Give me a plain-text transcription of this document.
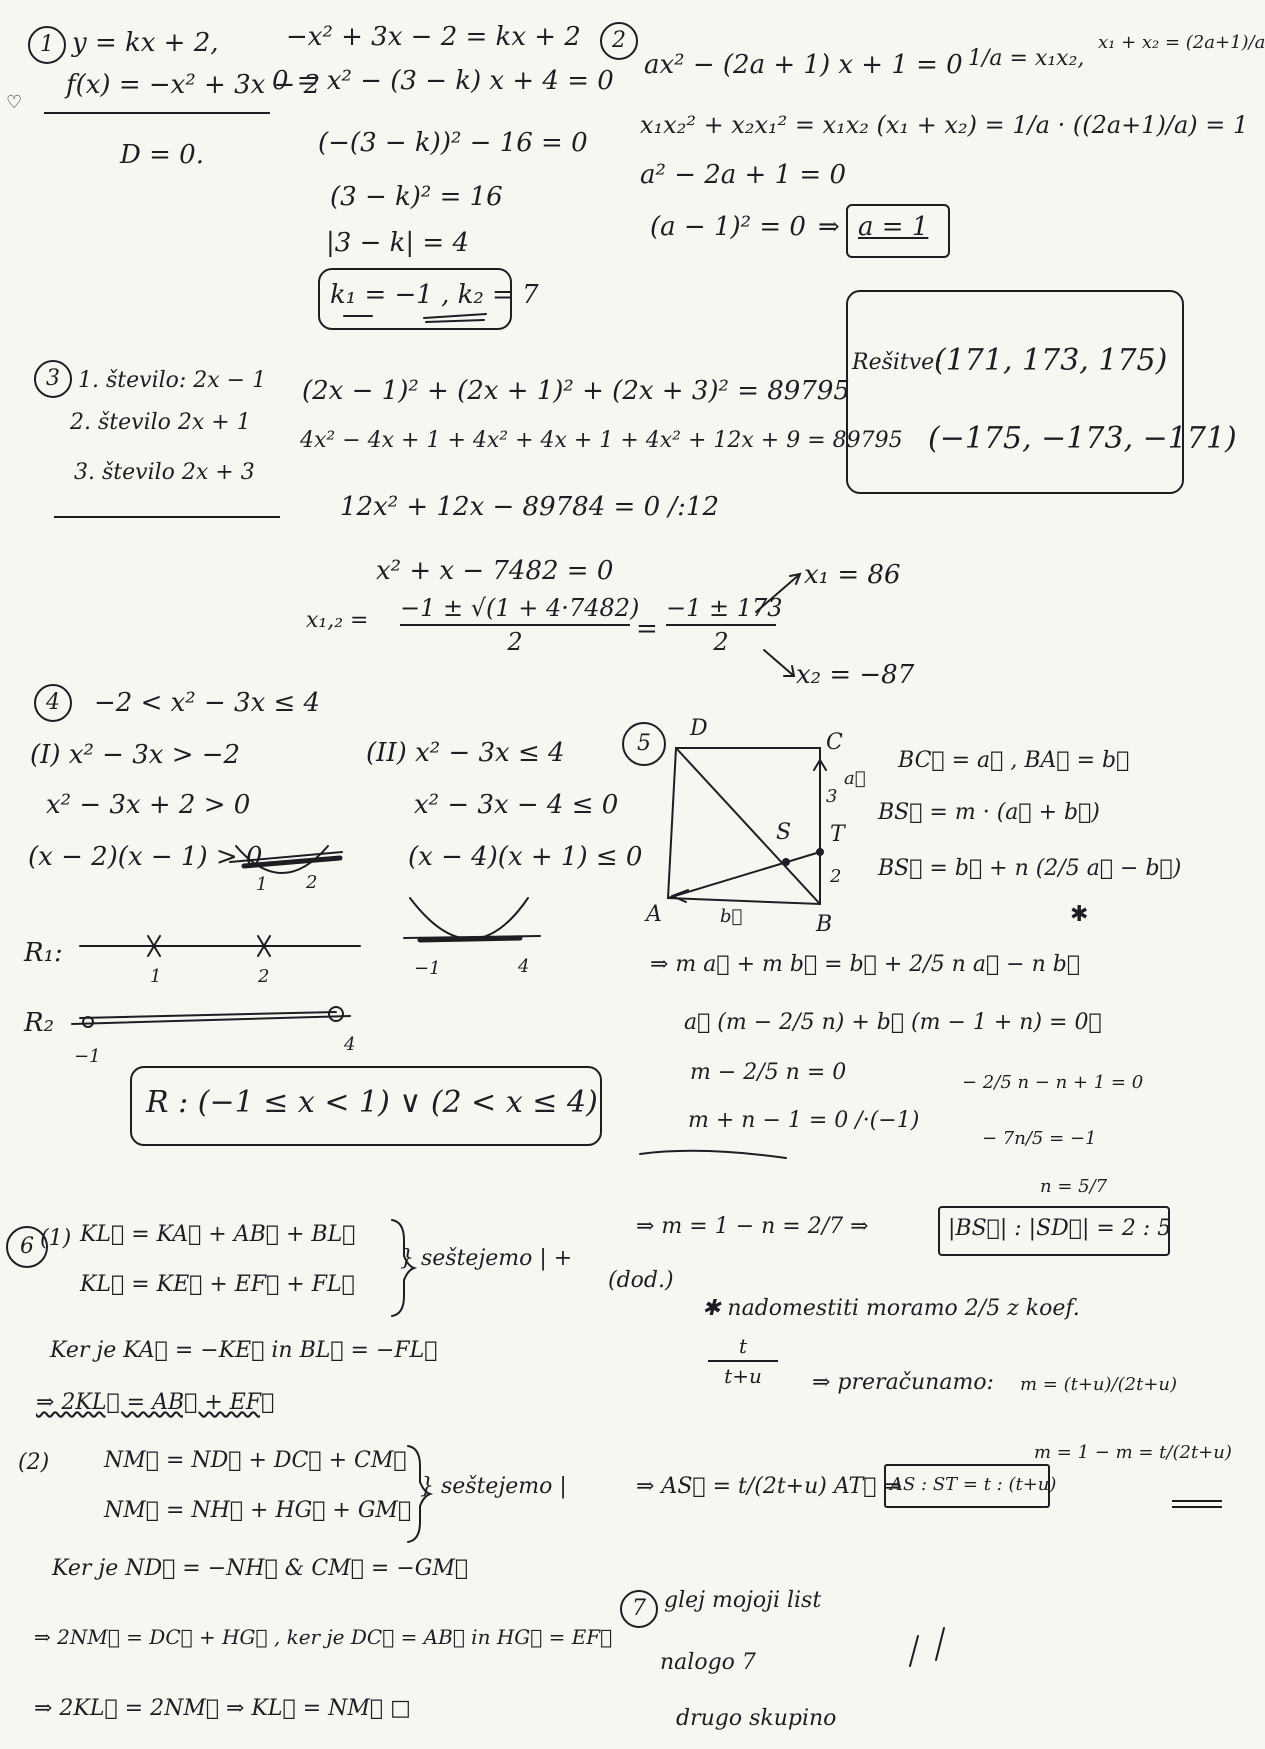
1 y = kx + 2,
f(x) = −x² + 3x − 2
♡
D = 0.
−x² + 3x − 2 = kx + 2
0 = x² − (3 − k) x + 4 = 0
(−(3 − k))² − 16 = 0
(3 − k)² = 16
|3 − k| = 4
k₁ = −1 , k₂ = 7
2
ax² − (2a + 1) x + 1 = 0 1/a = x₁x₂,
x₁ + x₂ = (2a+1)/a
x₁x₂² + x₂x₁² = x₁x₂ (x₁ + x₂) = 1/a · ((2a+1)/a) = 1
a² − 2a + 1 = 0
(a − 1)² = 0 ⇒ a = 1
3 1. število: 2x − 1
2. število 2x + 1
3. število 2x + 3
(2x − 1)² + (2x + 1)² + (2x + 3)² = 89795
4x² − 4x + 1 + 4x² + 4x + 1 + 4x² + 12x + 9 = 89795
12x² + 12x − 89784 = 0 /:12
x² + x − 7482 = 0
x₁,₂ = −1 ± √(1 + 4·7482)
2	=
−1 ± 173
2
x₁ = 86
x₂ = −87
Rešitve:
(171, 173, 175)
(−175, −173, −171)
4	−2 < x² − 3x ≤ 4
(I) x² − 3x > −2
x² − 3x + 2 > 0
(x − 2)(x − 1) > 0
(II) x² − 3x ≤ 4
x² − 3x − 4 ≤ 0
(x − 4)(x + 1) ≤ 0
1 2
−1	4
R₁:
1	2
R₂
−1
4
R : (−1 ≤ x < 1) ∨ (2 < x ≤ 4)
5
D
C
A	B
S T
3
a⃗
2
b⃗
BC⃗ = a⃗ , BA⃗ = b⃗
BS⃗ = m · (a⃗ + b⃗)
BS⃗ = b⃗ + n (2/5 a⃗ − b⃗)
✱
⇒ m a⃗ + m b⃗ = b⃗ + 2/5 n a⃗ − n b⃗
a⃗ (m − 2/5 n) + b⃗ (m − 1 + n) = 0⃗
m − 2/5 n = 0
m + n − 1 = 0 /·(−1)
− 2/5 n − n + 1 = 0
− 7n/5 = −1
n = 5/7
⇒ m = 1 − n = 2/7 ⇒	|BS⃗| : |SD⃗| = 2 : 5
(dod.)
✱ nadomestiti moramo 2/5 z koef.
t
t+u	⇒ preračunamo: m = (t+u)/(2t+u)
⇒ AS⃗ = t/(2t+u) AT⃗ ⇒
AS : ST = t : (t+u)
m = 1 − m = t/(2t+u)
6 (1) KL⃗ = KA⃗ + AB⃗ + BL⃗
KL⃗ = KE⃗ + EF⃗ + FL⃗
} seštejemo | +
Ker je KA⃗ = −KE⃗ in BL⃗ = −FL⃗
⇒ 2KL⃗ = AB⃗ + EF⃗
(2) NM⃗ = ND⃗ + DC⃗ + CM⃗
NM⃗ = NH⃗ + HG⃗ + GM⃗
} seštejemo |
Ker je ND⃗ = −NH⃗ & CM⃗ = −GM⃗
⇒ 2NM⃗ = DC⃗ + HG⃗ , ker je DC⃗ = AB⃗ in HG⃗ = EF⃗
⇒ 2KL⃗ = 2NM⃗ ⇒ KL⃗ = NM⃗ □
7 glej mojoji list
nalogo 7
drugo skupino
